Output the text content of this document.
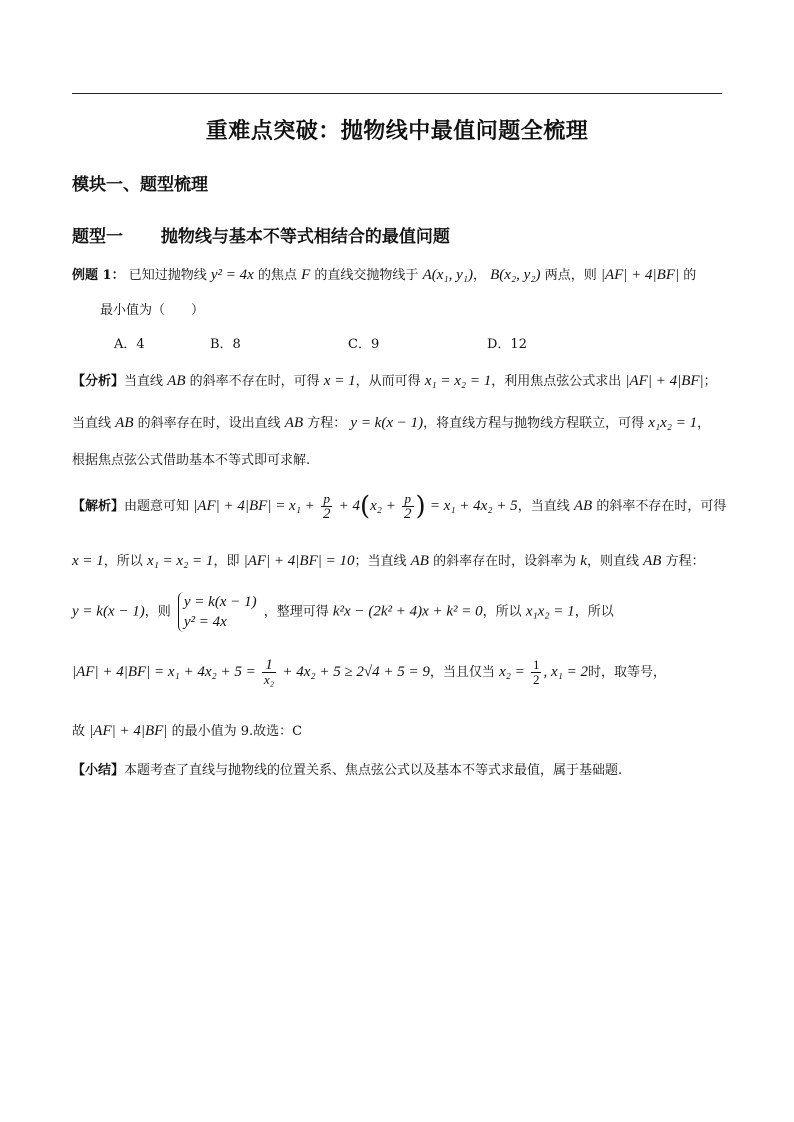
重难点突破：抛物线中最值问题全梳理
模块一、题型梳理
题型一 抛物线与基本不等式相结合的最值问题
例题 1： 已知过抛物线 y² = 4x 的焦点 F 的直线交抛物线于 A(x₁, y₁)， B(x₂, y₂) 两点，则 |AF| + 4|BF| 的
最小值为（　　）
A．4	B．8	C．9	D．12
【分析】当直线 AB 的斜率不存在时，可得 x = 1，从而可得 x₁ = x₂ = 1，利用焦点弦公式求出 |AF| + 4|BF|；
当直线 AB 的斜率存在时，设出直线 AB 方程： y = k(x − 1)，将直线方程与抛物线方程联立，可得 x₁x₂ = 1，
根据焦点弦公式借助基本不等式即可求解.
【解析】由题意可知 $|AF| + 4|BF| = x_1 + \frac{p}{2} + 4(x_2 + \frac{p}{2}$ ) = x₁ + 4x₂ + 5，当直线 AB 的斜率不存在时，可得
x = 1，所以 x₁ = x₂ = 1，即 |AF| + 4|BF| = 10；当直线 AB 的斜率存在时，设斜率为 k，则直线 AB 方程：
y = k(x − 1)，则
y = k(x − 1)
y² = 4x
，整理可得 k²x − (2k² + 4)x + k² = 0，所以 x₁x₂ = 1，所以
$|AF| + 4|BF| = x_1 + 4x_2 + 5 = \frac{1}{\text{x₂}} + 4x_2 + 5 \ge 2√4 + 5 = 9$，当且仅当 $x_2 = \frac{1}{2}$ , x₁ = 2时，取等号，
故 |AF| + 4|BF| 的最小值为 9.故选：C
【小结】本题考查了直线与抛物线的位置关系、焦点弦公式以及基本不等式求最值，属于基础题.
